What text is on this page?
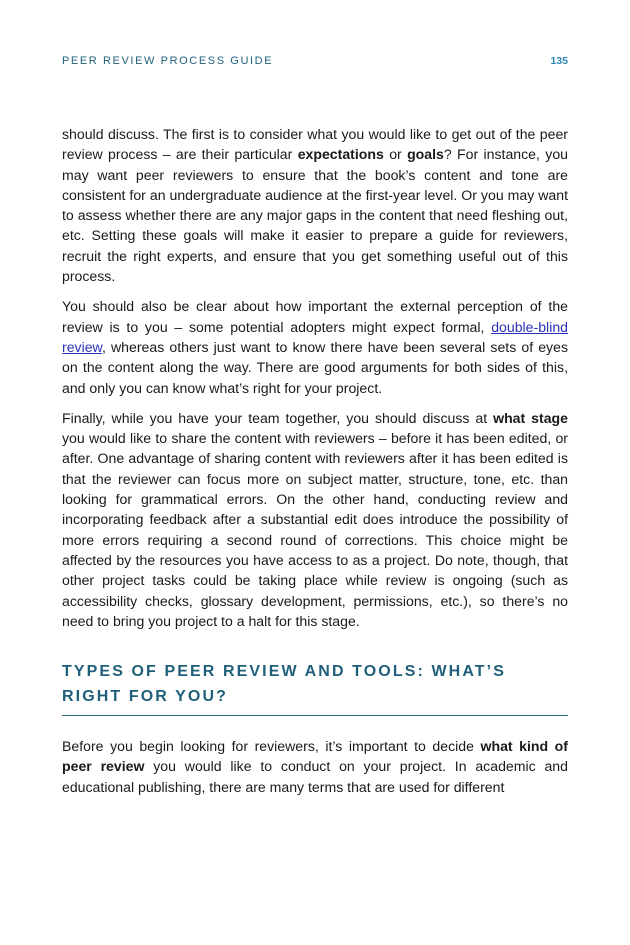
PEER REVIEW PROCESS GUIDE	135

should discuss. The first is to consider what you would like to get out of the peer review process – are their particular expectations or goals? For instance, you may want peer reviewers to ensure that the book’s content and tone are consistent for an undergraduate audience at the first-year level. Or you may want to assess whether there are any major gaps in the content that need fleshing out, etc. Setting these goals will make it easier to prepare a guide for reviewers, recruit the right experts, and ensure that you get something useful out of this process.

You should also be clear about how important the external perception of the review is to you – some potential adopters might expect formal, double-blind review, whereas others just want to know there have been several sets of eyes on the content along the way. There are good arguments for both sides of this, and only you can know what’s right for your project.

Finally, while you have your team together, you should discuss at what stage you would like to share the content with reviewers – before it has been edited, or after. One advantage of sharing content with reviewers after it has been edited is that the reviewer can focus more on subject matter, structure, tone, etc. than looking for grammatical errors. On the other hand, conducting review and incorporating feedback after a substantial edit does introduce the possibility of more errors requiring a second round of corrections. This choice might be affected by the resources you have access to as a project. Do note, though, that other project tasks could be taking place while review is ongoing (such as accessibility checks, glossary development, permissions, etc.), so there’s no need to bring you project to a halt for this stage.

TYPES OF PEER REVIEW AND TOOLS: WHAT’S RIGHT FOR YOU?

Before you begin looking for reviewers, it’s important to decide what kind of peer review you would like to conduct on your project. In academic and educational publishing, there are many terms that are used for different
